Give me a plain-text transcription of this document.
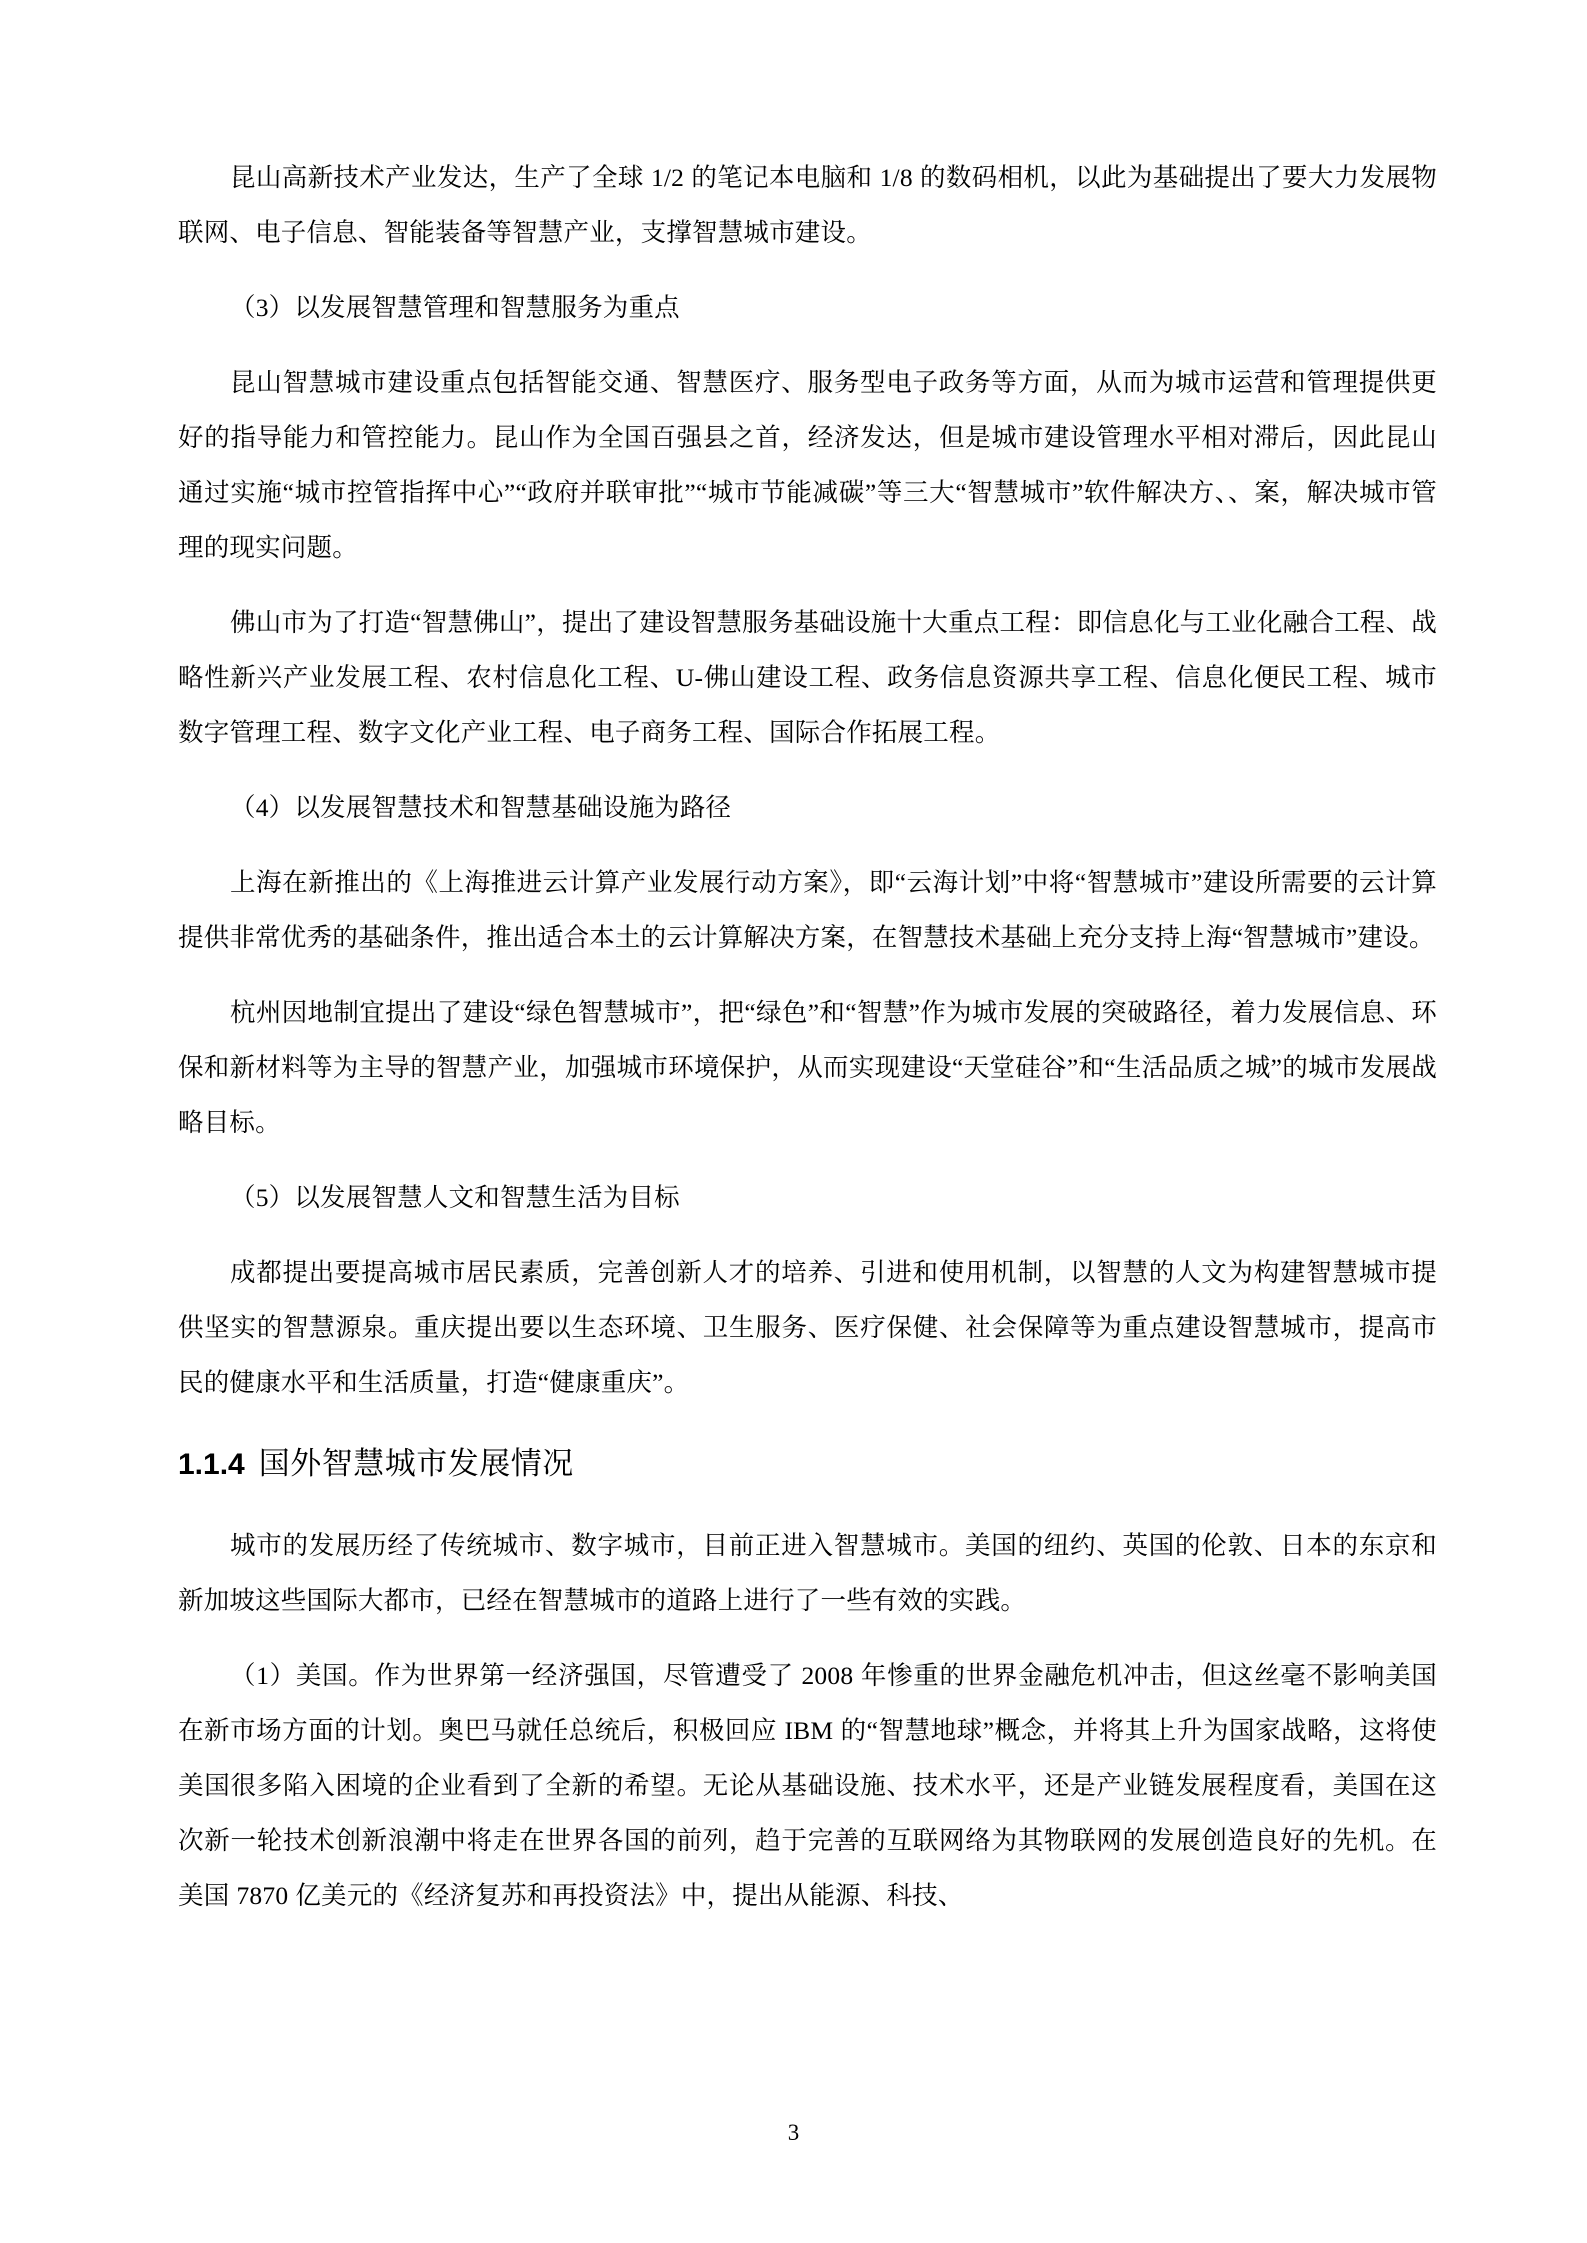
昆山高新技术产业发达，生产了全球 1/2 的笔记本电脑和 1/8 的数码相机，以此为基础提出了要大力发展物联网、电子信息、智能装备等智慧产业，支撑智慧城市建设。

（3）以发展智慧管理和智慧服务为重点

昆山智慧城市建设重点包括智能交通、智慧医疗、服务型电子政务等方面，从而为城市运营和管理提供更好的指导能力和管控能力。昆山作为全国百强县之首，经济发达，但是城市建设管理水平相对滞后，因此昆山通过实施“城市控管指挥中心”“政府并联审批”“城市节能减碳”等三大“智慧城市”软件解决方、、案，解决城市管理的现实问题。

佛山市为了打造“智慧佛山”，提出了建设智慧服务基础设施十大重点工程：即信息化与工业化融合工程、战略性新兴产业发展工程、农村信息化工程、U-佛山建设工程、政务信息资源共享工程、信息化便民工程、城市数字管理工程、数字文化产业工程、电子商务工程、国际合作拓展工程。

（4）以发展智慧技术和智慧基础设施为路径

上海在新推出的《上海推进云计算产业发展行动方案》，即“云海计划”中将“智慧城市”建设所需要的云计算提供非常优秀的基础条件，推出适合本土的云计算解决方案，在智慧技术基础上充分支持上海“智慧城市”建设。

杭州因地制宜提出了建设“绿色智慧城市”，把“绿色”和“智慧”作为城市发展的突破路径，着力发展信息、环保和新材料等为主导的智慧产业，加强城市环境保护，从而实现建设“天堂硅谷”和“生活品质之城”的城市发展战略目标。

（5）以发展智慧人文和智慧生活为目标

成都提出要提高城市居民素质，完善创新人才的培养、引进和使用机制，以智慧的人文为构建智慧城市提供坚实的智慧源泉。重庆提出要以生态环境、卫生服务、医疗保健、社会保障等为重点建设智慧城市，提高市民的健康水平和生活质量，打造“健康重庆”。

1.1.4 国外智慧城市发展情况

城市的发展历经了传统城市、数字城市，目前正进入智慧城市。美国的纽约、英国的伦敦、日本的东京和新加坡这些国际大都市，已经在智慧城市的道路上进行了一些有效的实践。

（1）美国。作为世界第一经济强国，尽管遭受了 2008 年惨重的世界金融危机冲击，但这丝毫不影响美国在新市场方面的计划。奥巴马就任总统后，积极回应 IBM 的“智慧地球”概念，并将其上升为国家战略，这将使美国很多陷入困境的企业看到了全新的希望。无论从基础设施、技术水平，还是产业链发展程度看，美国在这次新一轮技术创新浪潮中将走在世界各国的前列，趋于完善的互联网络为其物联网的发展创造良好的先机。在美国 7870 亿美元的《经济复苏和再投资法》中，提出从能源、科技、

3
